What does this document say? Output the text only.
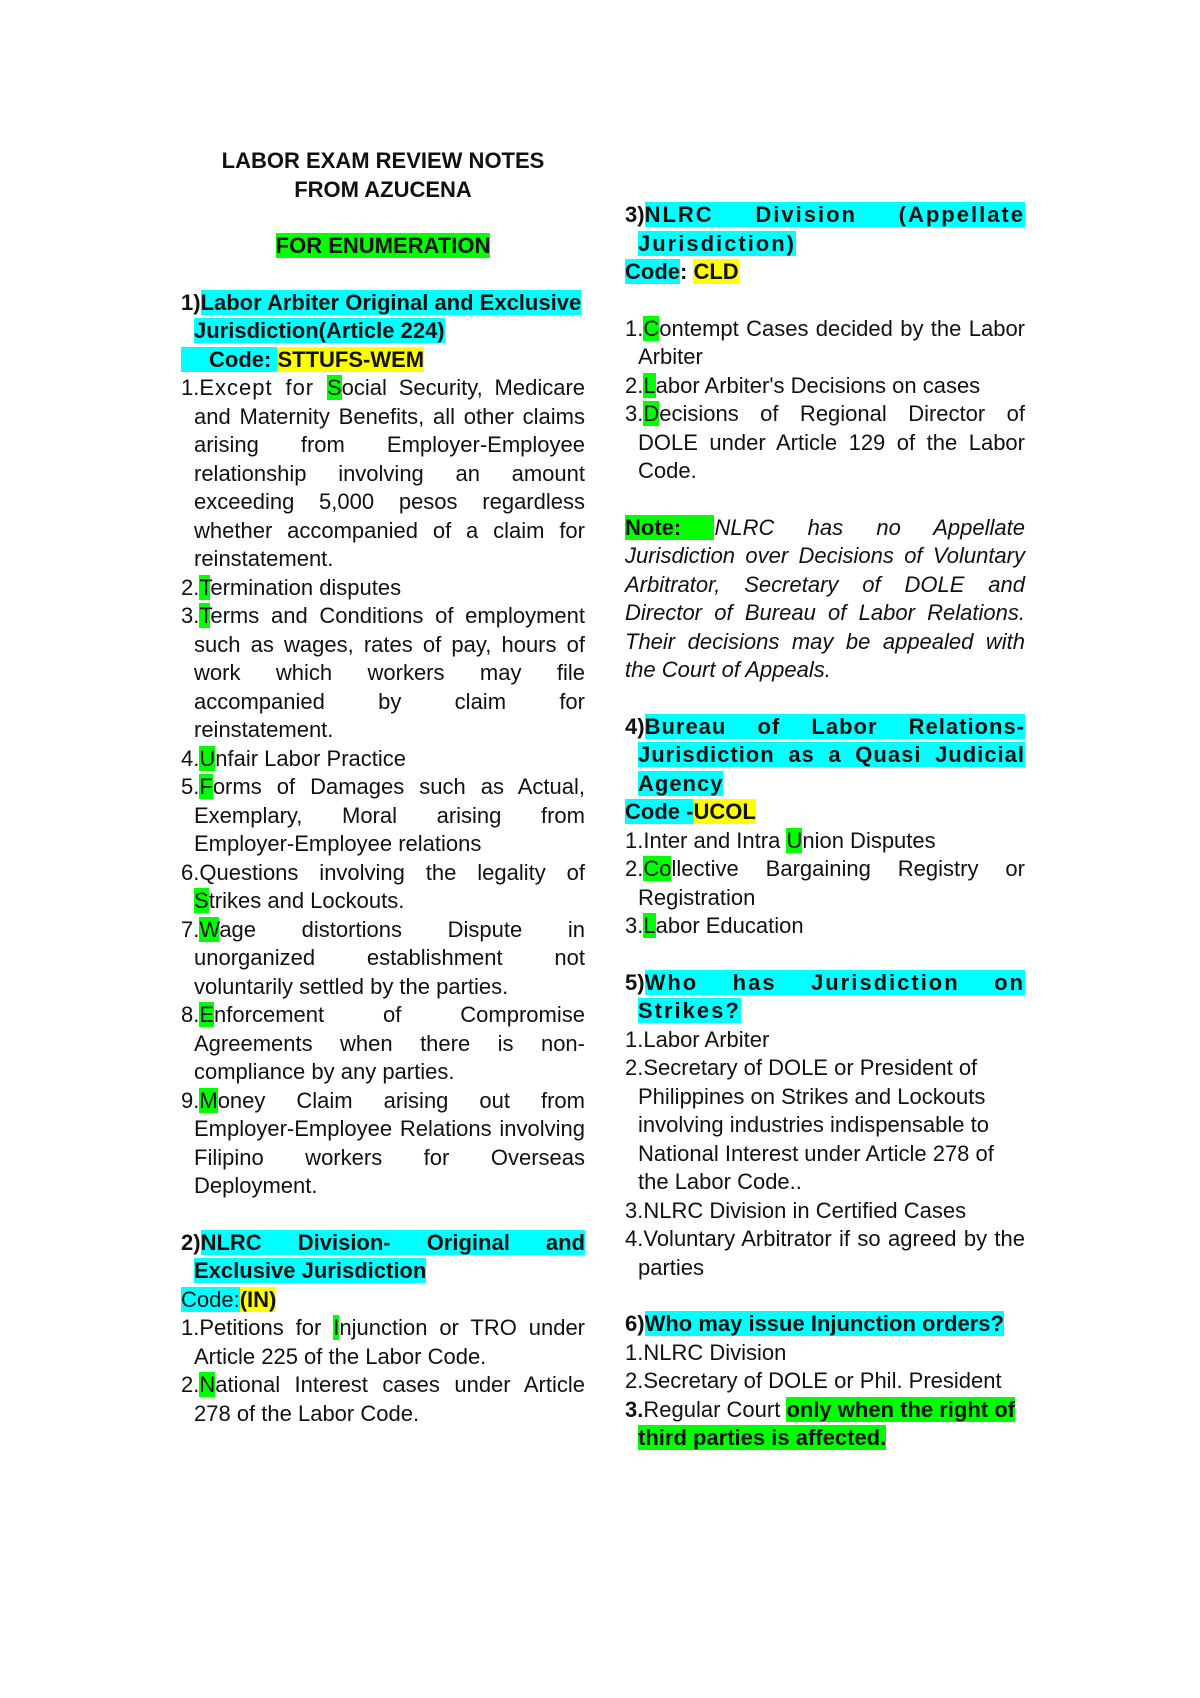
LABOR EXAM REVIEW NOTES
FROM AZUCENA
FOR ENUMERATION
1)Labor Arbiter Original and Exclusive Jurisdiction(Article 224)
Code: STTUFS-WEM
1.Except for Social Security, Medicare and Maternity Benefits, all other claims arising from Employer-Employee relationship involving an amount exceeding 5,000 pesos regardless whether accompanied of a claim for reinstatement.
2.Termination disputes
3.Terms and Conditions of employment such as wages, rates of pay, hours of work which workers may file accompanied by claim for reinstatement.
4.Unfair Labor Practice
5.Forms of Damages such as Actual, Exemplary, Moral arising from Employer-Employee relations
6.Questions involving the legality of Strikes and Lockouts.
7.Wage distortions Dispute in unorganized establishment not voluntarily settled by the parties.
8.Enforcement of Compromise Agreements when there is non-compliance by any parties.
9.Money Claim arising out from Employer-Employee Relations involving Filipino workers for Overseas Deployment.
2)NLRC Division- Original and Exclusive Jurisdiction
Code:(IN)
1.Petitions for Injunction or TRO under Article 225 of the Labor Code.
2.National Interest cases under Article 278 of the Labor Code.
3)NLRC Division (Appellate Jurisdiction)
Code: CLD
1.Contempt Cases decided by the Labor Arbiter
2.Labor Arbiter's Decisions on cases
3.Decisions of Regional Director of DOLE under Article 129 of the Labor Code.
Note: NLRC has no Appellate Jurisdiction over Decisions of Voluntary Arbitrator, Secretary of DOLE and Director of Bureau of Labor Relations. Their decisions may be appealed with the Court of Appeals.
4)Bureau of Labor Relations-Jurisdiction as a Quasi Judicial Agency
Code -UCOL
1.Inter and Intra Union Disputes
2.Collective Bargaining Registry or Registration
3.Labor Education
5)Who has Jurisdiction on Strikes?
1.Labor Arbiter
2.Secretary of DOLE or President of Philippines on Strikes and Lockouts involving industries indispensable to National Interest under Article 278 of the Labor Code..
3.NLRC Division in Certified Cases
4.Voluntary Arbitrator if so agreed by the parties
6)Who may issue Injunction orders?
1.NLRC Division
2.Secretary of DOLE or Phil. President
3.Regular Court only when the right of third parties is affected.
